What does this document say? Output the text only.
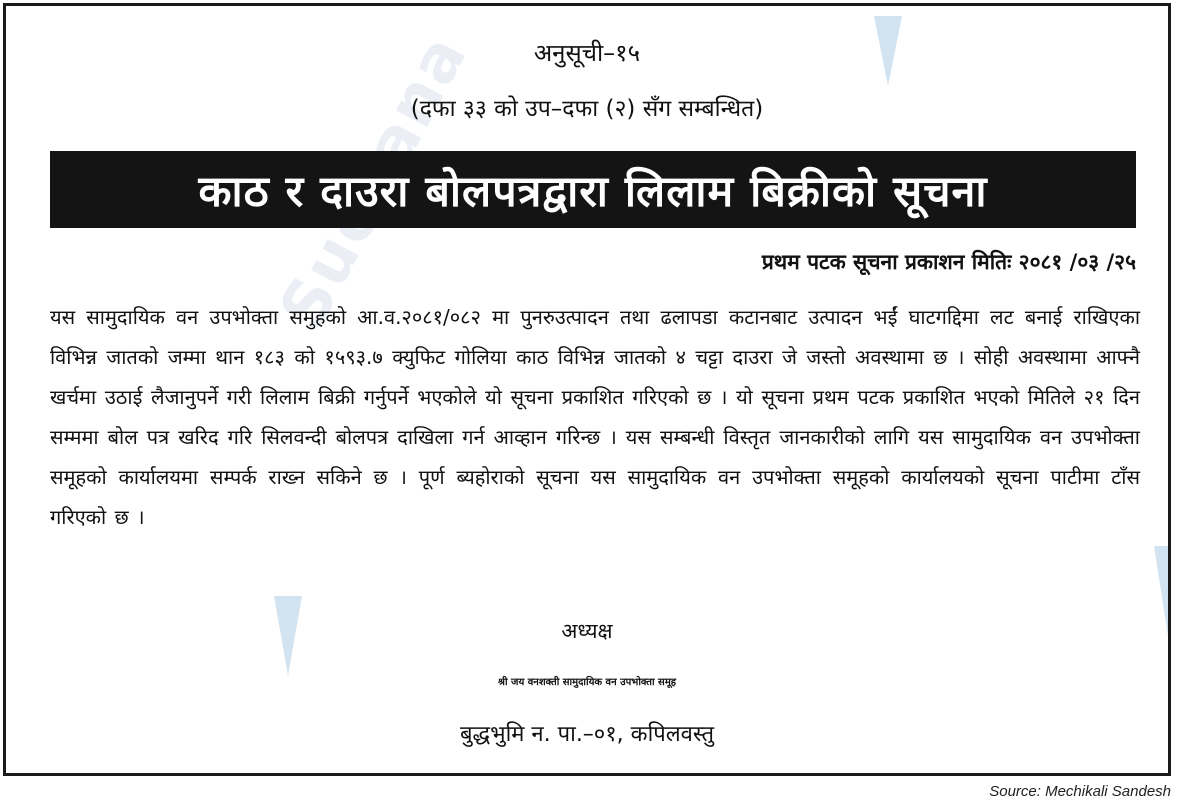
अनुसूची–१५
(दफा ३३ को उप–दफा (२) सँग सम्बन्धित)
काठ र दाउरा बोलपत्रद्वारा लिलाम बिक्रीको सूचना
प्रथम पटक सूचना प्रकाशन मितिः २०८१ /०३ /२५
यस सामुदायिक वन उपभोक्ता समुहको आ.व.२०८१/०८२ मा पुनरुउत्पादन तथा ढलापडा कटानबाट उत्पादन भईं घाटगद्दिमा लट बनाई राखिएका विभिन्न जातको जम्मा थान १८३ को १५९३.७ क्युफिट गोलिया काठ विभिन्न जातको ४ चट्टा दाउरा जे जस्तो अवस्थामा छ । सोही अवस्थामा आफ्नै खर्चमा उठाई लैजानुपर्ने गरी लिलाम बिक्री गर्नुपर्ने भएकोले यो सूचना प्रकाशित गरिएको छ । यो सूचना प्रथम पटक प्रकाशित भएको मितिले २१ दिन सम्ममा बोल पत्र खरिद गरि सिलवन्दी बोलपत्र दाखिला गर्न आव्हान गरिन्छ । यस सम्बन्धी विस्तृत जानकारीको लागि यस सामुदायिक वन उपभोक्ता समूहको कार्यालयमा सम्पर्क राख्न सकिने छ । पूर्ण ब्यहोराको सूचना यस सामुदायिक वन उपभोक्ता समूहको कार्यालयको सूचना पाटीमा टाँस गरिएको छ ।
अध्यक्ष
श्री जय वनशक्ती सामुदायिक वन उपभोक्ता समूह
बुद्धभुमि न. पा.–०१, कपिलवस्तु
Source: Mechikali Sandesh
